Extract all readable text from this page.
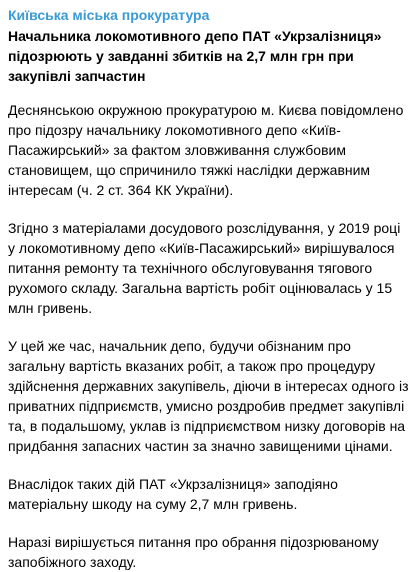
Київська міська прокуратура
Начальника локомотивного депо ПАТ «Укрзалізниця» підозрюють у завданні збитків на 2,7 млн грн при закупівлі запчастин
Деснянською окружною прокуратурою м. Києва повідомлено про підозру начальнику локомотивного депо «Київ-Пасажирський» за фактом зловживання службовим становищем, що спричинило тяжкі наслідки державним інтересам (ч. 2 ст. 364 КК України).
Згідно з матеріалами досудового розслідування, у 2019 році у локомотивному депо «Київ-Пасажирський» вирішувалося питання ремонту та технічного обслуговування тягового рухомого складу. Загальна вартість робіт оцінювалась у 15 млн гривень.
У цей же час, начальник депо, будучи обізнаним про загальну вартість вказаних робіт, а також про процедуру здійснення державних закупівель, діючи в інтересах одного із приватних підприємств, умисно роздробив предмет закупівлі та, в подальшому, уклав із підприємством низку договорів на придбання запасних частин за значно завищеними цінами.
Внаслідок таких дій ПАТ «Укрзалізниця» заподіяно матеріальну шкоду на суму 2,7 млн гривень.
Наразі вирішується питання про обрання підозрюваному запобіжного заходу.
